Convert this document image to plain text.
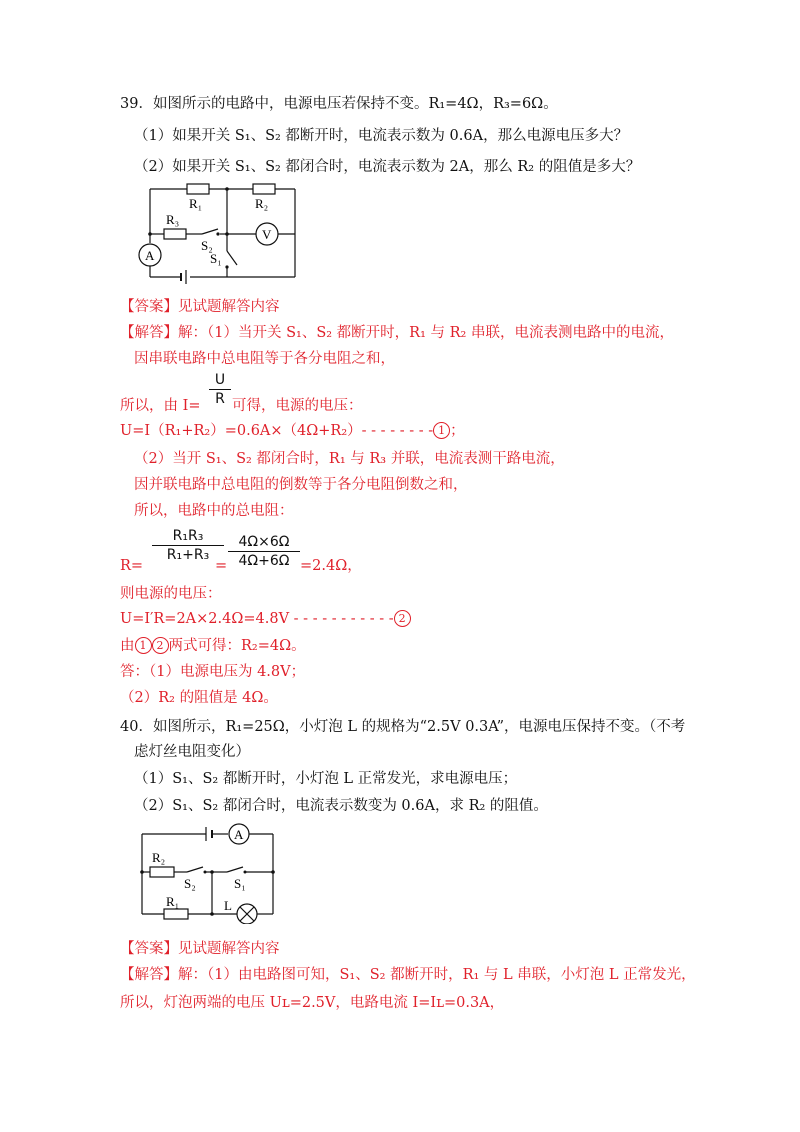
39．如图所示的电路中，电源电压若保持不变。R₁=4Ω，R₃=6Ω。
（1）如果开关 S₁、S₂ 都断开时，电流表示数为 0.6A，那么电源电压多大？
（2）如果开关 S₁、S₂ 都闭合时，电流表示数为 2A，那么 R₂ 的阻值是多大？
R₁	R₂
R₃
S₂
S₁
A
V
【答案】见试题解答内容
【解答】解：（1）当开关 S₁、S₂ 都断开时，R₁ 与 R₂ 串联，电流表测电路中的电流，
因串联电路中总电阻等于各分电阻之和，
所以，由 I=
U
R 可得，电源的电压：
U=I（R₁+R₂）=0.6A×（4Ω+R₂）- - - - - - - - 1 ；
（2）当开 S₁、S₂ 都闭合时，R₁ 与 R₃ 并联，电流表测干路电流，
因并联电路中总电阻的倒数等于各分电阻倒数之和，
所以，电路中的总电阻：
R=
R₁R₃
R₁+R₃
=
4Ω×6Ω
4Ω+6Ω =2.4Ω，
则电源的电压：
U=I′R=2A×2.4Ω=4.8V - - - - - - - - - - - 2
由 1 2 两式可得：R₂=4Ω。
答：（1）电源电压为 4.8V；
（2）R₂ 的阻值是 4Ω。
40．如图所示，R₁=25Ω，小灯泡 L 的规格为“2.5V 0.3A”，电源电压保持不变。（不考
虑灯丝电阻变化）
（1）S₁、S₂ 都断开时，小灯泡 L 正常发光，求电源电压；
（2）S₁、S₂ 都闭合时，电流表示数变为 0.6A，求 R₂ 的阻值。
R₂
R₁
S₂	S₁
A
L
【答案】见试题解答内容
【解答】解：（1）由电路图可知，S₁、S₂ 都断开时，R₁ 与 L 串联，小灯泡 L 正常发光，
所以，灯泡两端的电压 Uʟ=2.5V，电路电流 I=Iʟ=0.3A，
